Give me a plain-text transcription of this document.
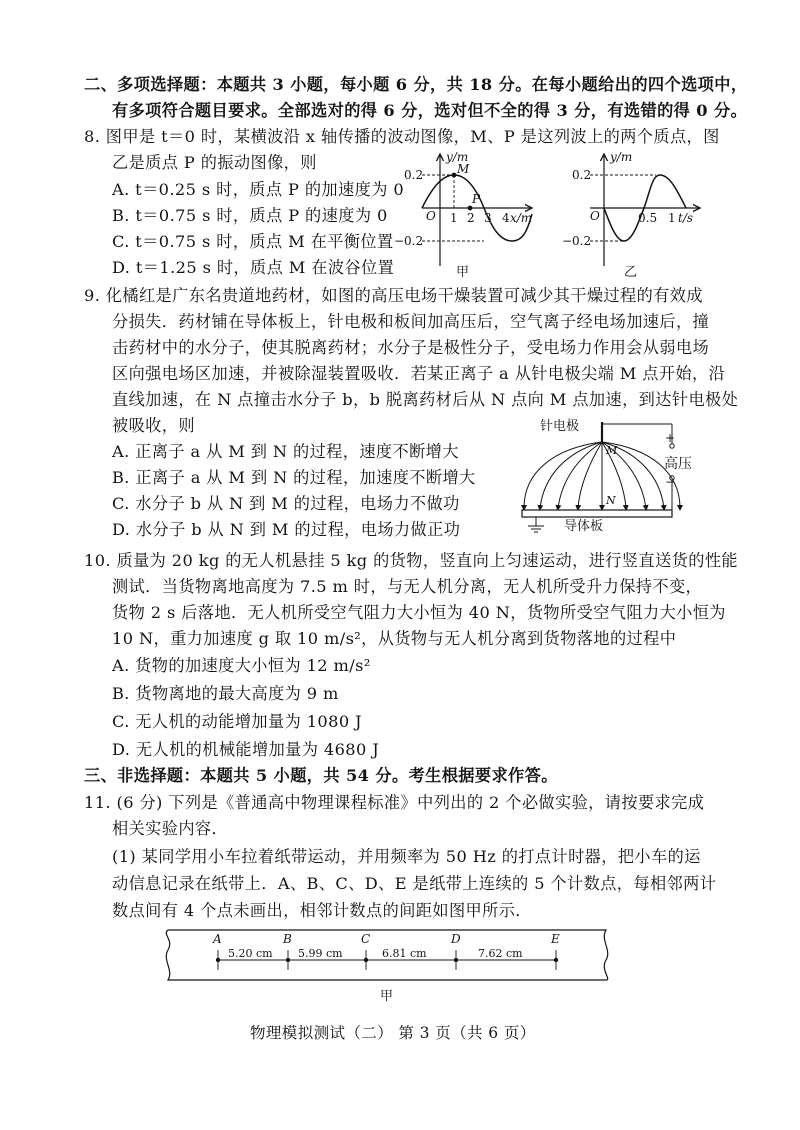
二、多项选择题：本题共 3 小题，每小题 6 分，共 18 分。在每小题给出的四个选项中，
有多项符合题目要求。全部选对的得 6 分，选对但不全的得 3 分，有选错的得 0 分。
8. 图甲是 t＝0 时，某横波沿 x 轴传播的波动图像，M、P 是这列波上的两个质点，图
乙是质点 P 的振动图像，则
A. t＝0.25 s 时，质点 P 的加速度为 0
B. t＝0.75 s 时，质点 P 的速度为 0
C. t＝0.75 s 时，质点 M 在平衡位置
D. t＝1.25 s 时，质点 M 在波谷位置
y/m
0.2
−0.2
O
M
P
1 2 3 4 x/m
甲
y/m
0.2
−0.2
O	0.5 1 t/s
乙
9. 化橘红是广东名贵道地药材，如图的高压电场干燥装置可减少其干燥过程的有效成
分损失．药材铺在导体板上，针电极和板间加高压后，空气离子经电场加速后，撞
击药材中的水分子，使其脱离药材；水分子是极性分子，受电场力作用会从弱电场
区向强电场区加速，并被除湿装置吸收．若某正离子 a 从针电极尖端 M 点开始，沿
直线加速，在 N 点撞击水分子 b，b 脱离药材后从 N 点向 M 点加速，到达针电极处
被吸收，则
A. 正离子 a 从 M 到 N 的过程，速度不断增大
B. 正离子 a 从 M 到 N 的过程，加速度不断增大
C. 水分子 b 从 N 到 M 的过程，电场力不做功
D. 水分子 b 从 N 到 M 的过程，电场力做正功
针电极
M
N
+
高压
−
导体板
10. 质量为 20 kg 的无人机悬挂 5 kg 的货物，竖直向上匀速运动，进行竖直送货的性能
测试．当货物离地高度为 7.5 m 时，与无人机分离，无人机所受升力保持不变，
货物 2 s 后落地．无人机所受空气阻力大小恒为 40 N，货物所受空气阻力大小恒为
10 N，重力加速度 g 取 10 m/s²，从货物与无人机分离到货物落地的过程中
A. 货物的加速度大小恒为 12 m/s²
B. 货物离地的最大高度为 9 m
C. 无人机的动能增加量为 1080 J
D. 无人机的机械能增加量为 4680 J
三、非选择题：本题共 5 小题，共 54 分。考生根据要求作答。
11. (6 分) 下列是《普通高中物理课程标准》中列出的 2 个必做实验，请按要求完成
相关实验内容．
(1) 某同学用小车拉着纸带运动，并用频率为 50 Hz 的打点计时器，把小车的运
动信息记录在纸带上．A、B、C、D、E 是纸带上连续的 5 个计数点，每相邻两计
数点间有 4 个点未画出，相邻计数点的间距如图甲所示．
A	B	C	D	E
5.20 cm 5.99 cm	6.81 cm	7.62 cm
甲
物理模拟测试（二） 第 3 页（共 6 页）
